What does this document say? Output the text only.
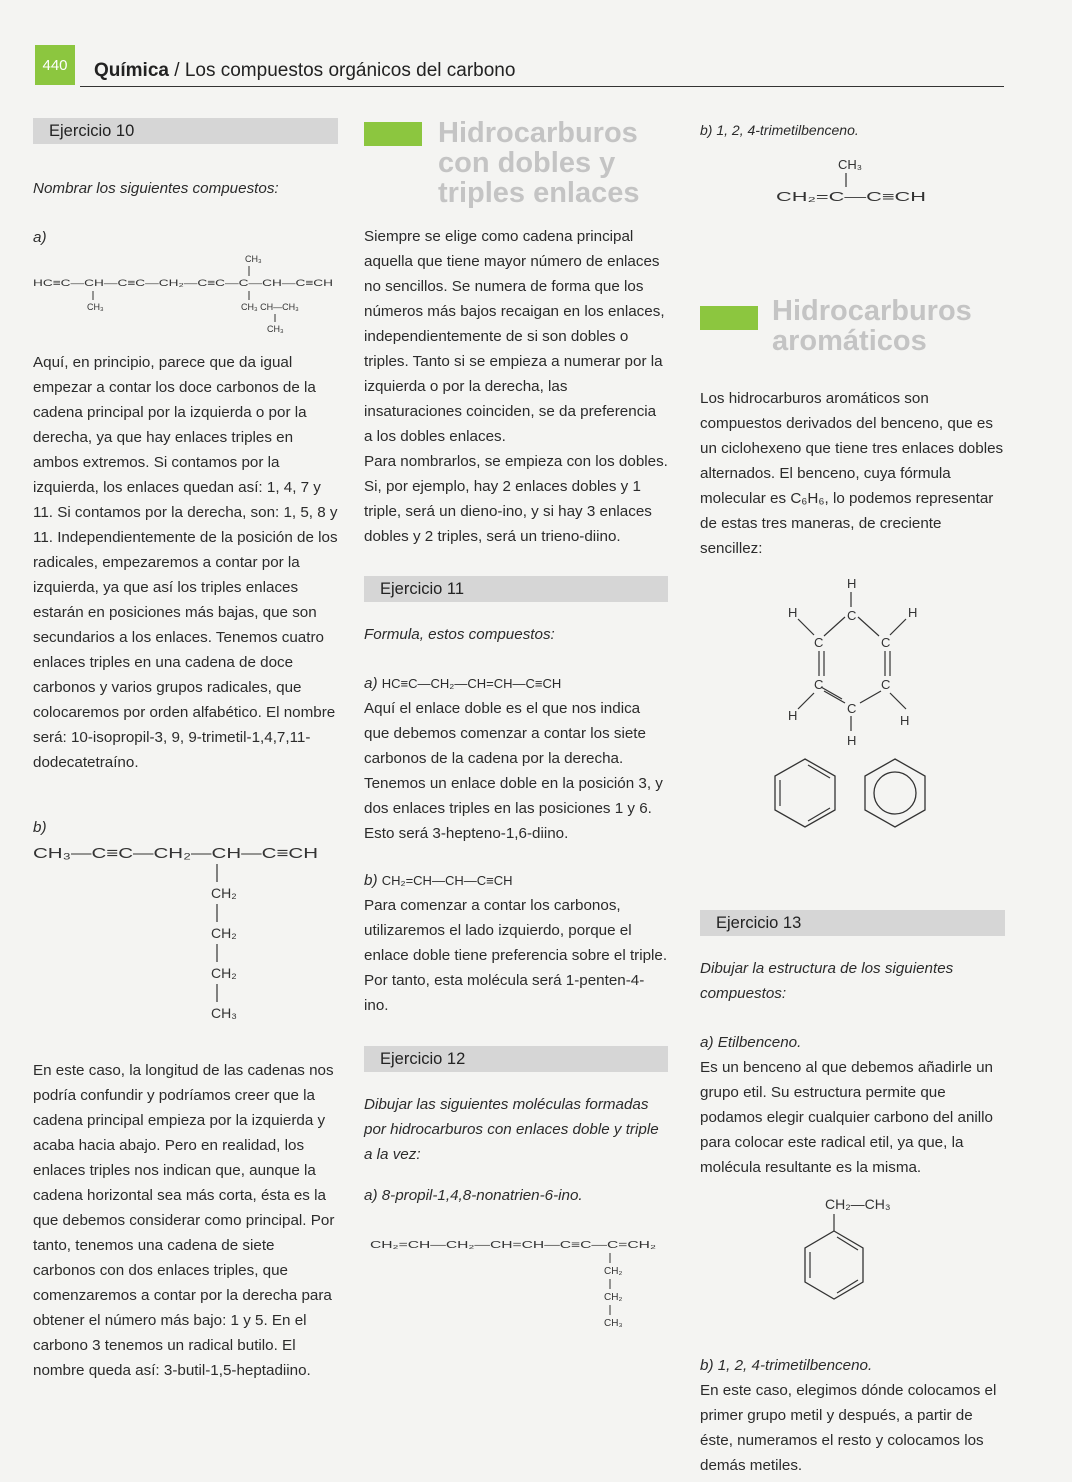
440	Química / Los compuestos orgánicos del carbono
Ejercicio 10

Nombrar los siguientes compuestos:

a)

CH₃
HC≡C—CH—C≡C—CH₂—C≡C—C—CH—C≡CH
CH₃	CH₃ CH—CH₃
CH₃

Aquí, en principio, parece que da igual empezar a contar los doce carbonos de la cadena principal por la izquierda o por la derecha, ya que hay enlaces triples en ambos extremos. Si contamos por la izquierda, los enlaces quedan así: 1, 4, 7 y 11. Si contamos por la derecha, son: 1, 5, 8 y 11. Independientemente de la posición de los radicales, empezaremos a contar por la izquierda, ya que así los triples enlaces estarán en posiciones más bajas, que son secundarios a los enlaces. Tenemos cuatro enlaces triples en una cadena de doce carbonos y varios grupos radicales, que colocaremos por orden alfabético. El nombre será: 10-isopropil-3, 9, 9-trimetil-1,4,7,11-dodecatetraíno.

b)

CH₃—C≡C—CH₂—CH—C≡CH
CH₂
CH₂
CH₂
CH₃

En este caso, la longitud de las cadenas nos podría confundir y podríamos creer que la cadena principal empieza por la izquierda y acaba hacia abajo. Pero en realidad, los enlaces triples nos indican que, aunque la cadena horizontal sea más corta, ésta es la que debemos considerar como principal. Por tanto, tenemos una cadena de siete carbonos con dos enlaces triples, que comenzaremos a contar por la derecha para obtener el número más bajo: 1 y 5. En el carbono 3 tenemos un radical butilo. El nombre queda así: 3-butil-1,5-heptadiino.

Hidrocarburos
con dobles y
triples enlaces

Siempre se elige como cadena principal aquella que tiene mayor número de enlaces no sencillos. Se numera de forma que los números más bajos recaigan en los enlaces, independientemente de si son dobles o triples. Tanto si se empieza a numerar por la izquierda o por la derecha, las insaturaciones coinciden, se da preferencia a los dobles enlaces.

Para nombrarlos, se empieza con los dobles. Si, por ejemplo, hay 2 enlaces dobles y 1 triple, será un dieno-ino, y si hay 3 enlaces dobles y 2 triples, será un trieno-diino.

Ejercicio 11

Formula, estos compuestos:

a) HC≡C—CH₂—CH=CH—C≡CH

Aquí el enlace doble es el que nos indica que debemos comenzar a contar los siete carbonos de la cadena por la derecha. Tenemos un enlace doble en la posición 3, y dos enlaces triples en las posiciones 1 y 6.

Esto será 3-hepteno-1,6-diino.

b) CH₂=CH—CH—C≡CH

Para comenzar a contar los carbonos, utilizaremos el lado izquierdo, porque el enlace doble tiene preferencia sobre el triple. Por tanto, esta molécula será 1-penten-4-ino.

Ejercicio 12

Dibujar las siguientes moléculas formadas por hidrocarburos con enlaces doble y triple a la vez:

a) 8-propil-1,4,8-nonatrien-6-ino.

CH₂=CH—CH₂—CH=CH—C≡C—C=CH₂
CH₂
CH₂
CH₃

b) 1, 2, 4-trimetilbenceno.

CH₃
CH₂=C—C≡CH
Hidrocarburos
aromáticos

Los hidrocarburos aromáticos son compuestos derivados del benceno, que es un ciclohexeno que tiene tres enlaces dobles alternados. El benceno, cuya fórmula molecular es C₆H₆, lo podemos representar de estas tres maneras, de creciente sencillez:

H
C
H	H
C	C
C	C
C
H	H
H
Ejercicio 13

Dibujar la estructura de los siguientes compuestos:

a) Etilbenceno.

Es un benceno al que debemos añadirle un grupo etil. Su estructura permite que podamos elegir cualquier carbono del anillo para colocar este radical etil, ya que, la molécula resultante es la misma.

CH₂—CH₃

b) 1, 2, 4-trimetilbenceno.

En este caso, elegimos dónde colocamos el primer grupo metil y después, a partir de éste, numeramos el resto y colocamos los demás metiles.
